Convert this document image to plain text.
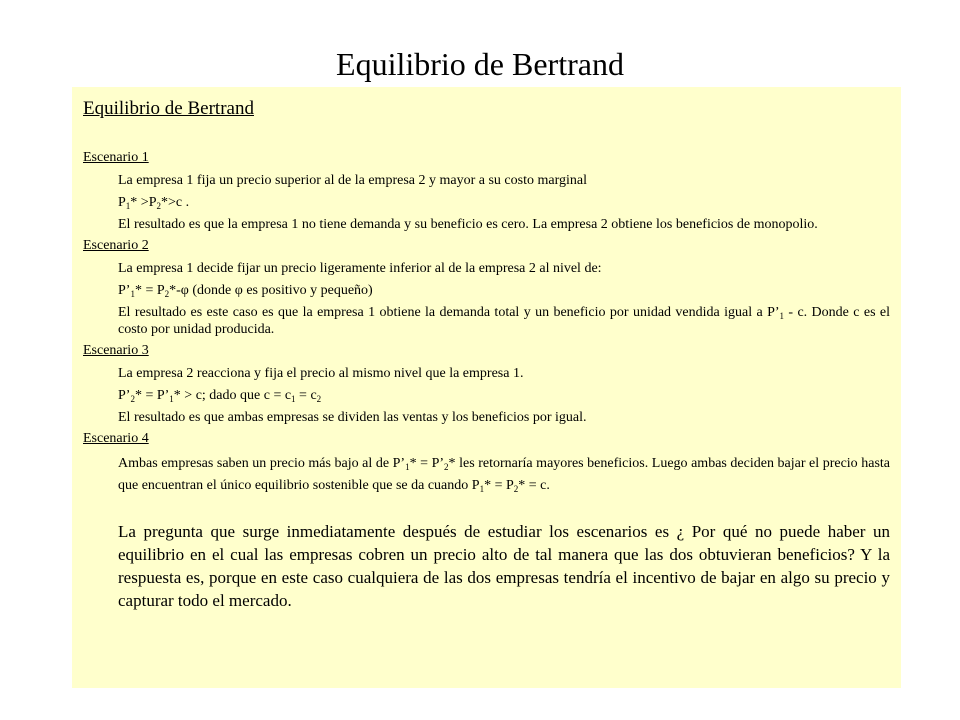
Equilibrio de Bertrand
Equilibrio de Bertrand
Escenario 1
La empresa 1 fija un precio superior al de la empresa 2 y mayor a su costo marginal
$P_1* >P_2*>c$ .
El resultado es que la empresa 1 no tiene demanda y su beneficio es cero. La empresa 2 obtiene los beneficios de monopolio.
Escenario 2
La empresa 1 decide fijar un precio ligeramente inferior al de la empresa 2 al nivel de:
$P’_1* = P_2*-\varphi$ (donde φ es positivo y pequeño)
El resultado es este caso es que la empresa 1 obtiene la demanda total y un beneficio por unidad vendida igual a $P’_1$ - c. Donde c es el costo por unidad producida.
Escenario 3
La empresa 2 reacciona y fija el precio al mismo nivel que la empresa 1.
$P’_2*$ = $P’_1* > c$; dado que $c = c_1 = c_2$
El resultado es que ambas empresas se dividen las ventas y los beneficios por igual.
Escenario 4
Ambas empresas saben un precio más bajo al de $P’_1*$ = $P’_2*$ les retornaría mayores beneficios. Luego ambas deciden bajar el precio hasta que encuentran el único equilibrio sostenible que se da cuando $P_1* = P_2* = c$.
La pregunta que surge inmediatamente después de estudiar los escenarios es ¿ Por qué no puede haber un equilibrio en el cual las empresas cobren un precio alto de tal manera que las dos obtuvieran beneficios? Y la respuesta es, porque en este caso cualquiera de las dos empresas tendría el incentivo de bajar en algo su precio y capturar todo el mercado.
